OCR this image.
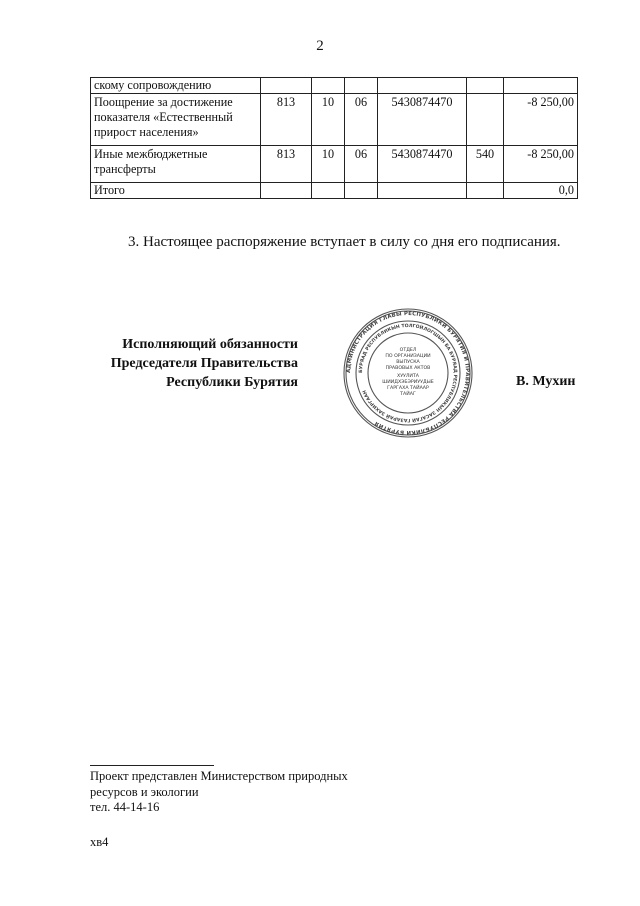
2
скому сопровождению						
Поощрение за достижение показателя «Естественный прирост населения»	813	10	06	5430874470		-8 250,00
Иные межбюджетные трансферты	813	10	06	5430874470	540	-8 250,00
Итого						0,0
3. Настоящее распоряжение вступает в силу со дня его подписания.
Исполняющий обязанности
Председателя Правительства
Республики Бурятия
АДМИНИСТРАЦИЯ ГЛАВЫ РЕСПУБЛИКИ БУРЯТИЯ И ПРАВИТЕЛЬСТВА РЕСПУБЛИКИ БУРЯТИЯ
БУРЯАД РЕСПУБЛИКЫН ТОЛГОЙЛОГШЫН БА БУРЯАД РЕСПУБЛИКЫН ЗАСАГАЙ ГАЗАРАЙ ЗАХИРГААН
ОТДЕЛ
ПО ОРГАНИЗАЦИИ
ВЫПУСКА
ПРАВОВЫХ АКТОВ
ХУУЛИТА
ШИИДХЭБЭРИУУДЫЕ
ГАРГАХА ТАЙААР
ТАЙАГ
В. Мухин
Проект представлен Министерством природных
ресурсов и экологии
тел. 44-14-16
хв4
